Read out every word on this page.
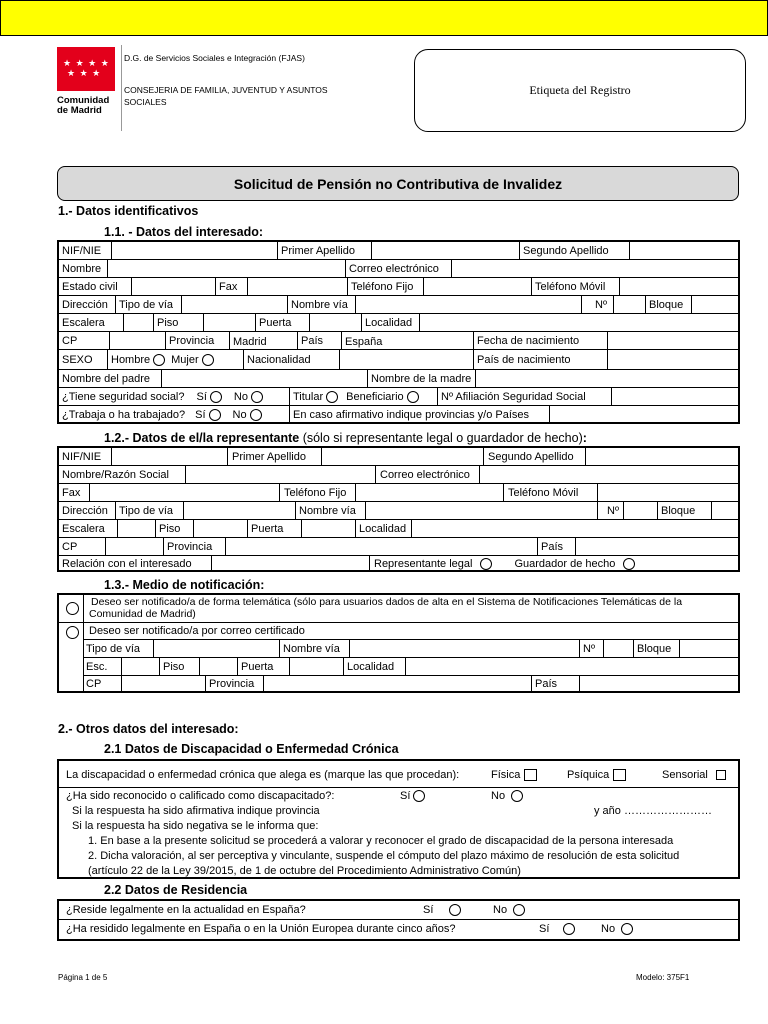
★ ★ ★ ★
★ ★ ★
Comunidad de Madrid
D.G. de Servicios Sociales e Integración (FJAS)
CONSEJERIA DE FAMILIA, JUVENTUD Y ASUNTOS SOCIALES
Etiqueta del Registro
Solicitud de Pensión no Contributiva de Invalidez
1.- Datos identificativos
1.1. - Datos del interesado:
NIF/NIE	Primer Apellido	Segundo Apellido
Nombre	Correo electrónico
Estado civil	Fax	Teléfono Fijo	Teléfono Móvil
Dirección	Tipo de vía	Nombre vía	Nº	Bloque
Escalera	Piso	Puerta	Localidad
CP	Provincia	Madrid	País	España	Fecha de nacimiento
SEXO Hombre Mujer	Nacionalidad	País de nacimiento
Nombre del padre	Nombre de la madre
¿Tiene seguridad social? Sí No	Titular Beneficiario	Nº Afiliación Seguridad Social
¿Trabaja o ha trabajado? Sí No	En caso afirmativo indique provincias y/o Países
1.2.- Datos de el/la representante (sólo si representante legal o guardador de hecho):
NIF/NIE	Primer Apellido	Segundo Apellido
Nombre/Razón Social	Correo electrónico
Fax	Teléfono Fijo	Teléfono Móvil
Dirección	Tipo de vía	Nombre vía	Nº	Bloque
Escalera	Piso	Puerta	Localidad
CP	Provincia	País
Relación con el interesado	Representante legal	Guardador de hecho
1.3.- Medio de notificación:
Deseo ser notificado/a de forma telemática (sólo para usuarios dados de alta en el Sistema de Notificaciones Telemáticas de la Comunidad de Madrid)
Deseo ser notificado/a por correo certificado
Tipo de vía	Nombre vía	Nº	Bloque
Esc.	Piso	Puerta	Localidad
CP	Provincia	País
2.- Otros datos del interesado:
2.1 Datos de Discapacidad o Enfermedad Crónica
La discapacidad o enfermedad crónica que alega es (marque las que procedan):	Física	Psíquica	Sensorial
¿Ha sido reconocido o calificado como discapacitado?:	Sí	No
Si la respuesta ha sido afirmativa indique provincia	y año ……………………
Si la respuesta ha sido negativa se le informa que:
1. En base a la presente solicitud se procederá a valorar y reconocer el grado de discapacidad de la persona interesada
2. Dicha valoración, al ser perceptiva y vinculante, suspende el cómputo del plazo máximo de resolución de esta solicitud
(artículo 22 de la Ley 39/2015, de 1 de octubre del Procedimiento Administrativo Común)
2.2 Datos de Residencia
¿Reside legalmente en la actualidad en España?	Sí	No
¿Ha residido legalmente en España o en la Unión Europea durante cinco años?	Sí	No
Página 1 de 5	Modelo: 375F1
